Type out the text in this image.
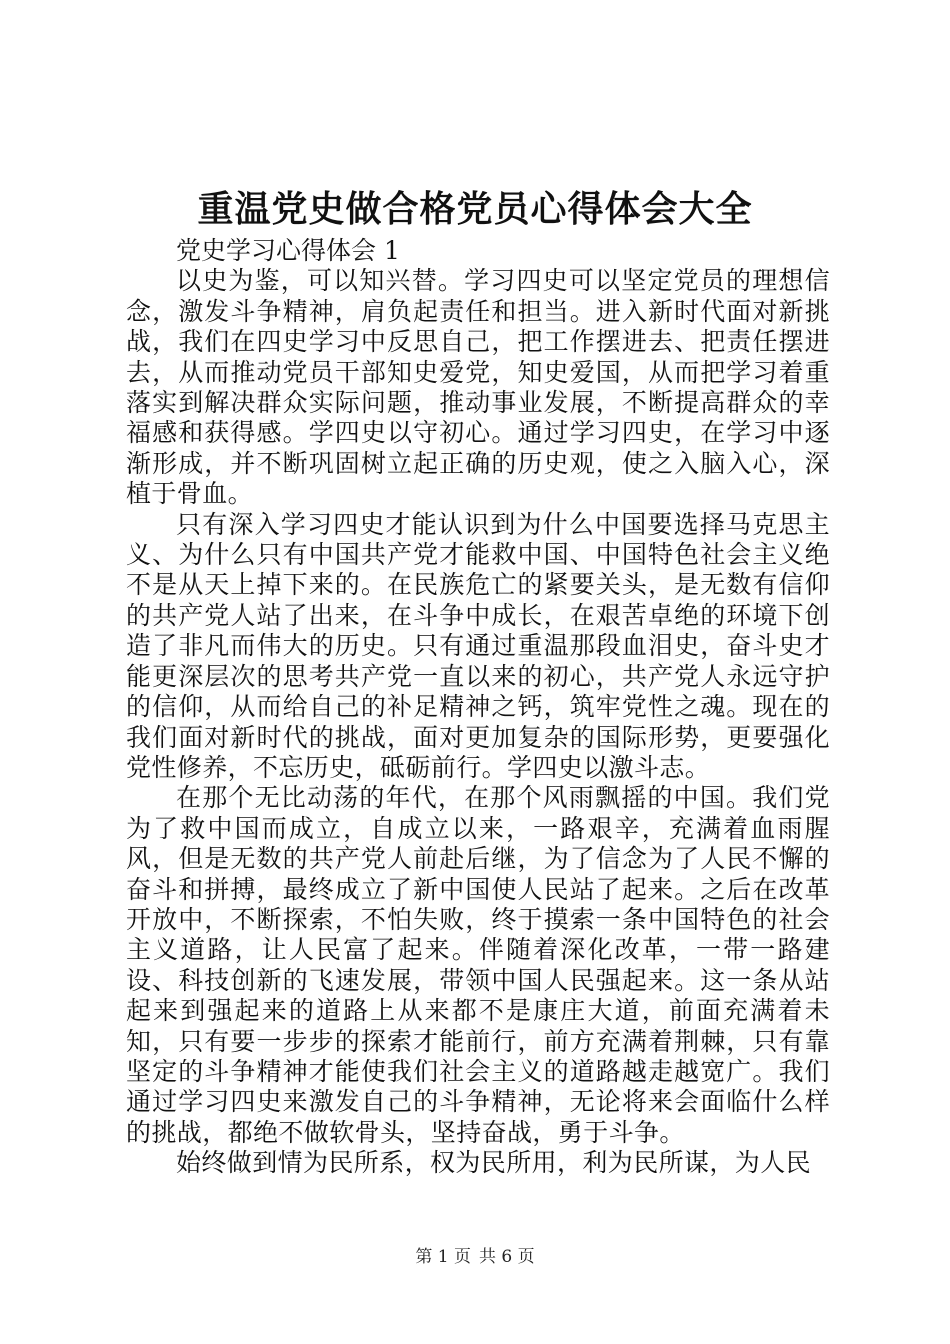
重温党史做合格党员心得体会大全

党史学习心得体会 1

以史为鉴，可以知兴替。学习四史可以坚定党员的理想信念，激发斗争精神，肩负起责任和担当。进入新时代面对新挑战，我们在四史学习中反思自己，把工作摆进去、把责任摆进去，从而推动党员干部知史爱党，知史爱国，从而把学习着重落实到解决群众实际问题，推动事业发展，不断提高群众的幸福感和获得感。学四史以守初心。通过学习四史，在学习中逐渐形成，并不断巩固树立起正确的历史观，使之入脑入心，深植于骨血。

只有深入学习四史才能认识到为什么中国要选择马克思主义、为什么只有中国共产党才能救中国、中国特色社会主义绝不是从天上掉下来的。在民族危亡的紧要关头，是无数有信仰的共产党人站了出来，在斗争中成长，在艰苦卓绝的环境下创造了非凡而伟大的历史。只有通过重温那段血泪史，奋斗史才能更深层次的思考共产党一直以来的初心，共产党人永远守护的信仰，从而给自己的补足精神之钙，筑牢党性之魂。现在的我们面对新时代的挑战，面对更加复杂的国际形势，更要强化党性修养，不忘历史，砥砺前行。学四史以激斗志。

在那个无比动荡的年代，在那个风雨飘摇的中国。我们党为了救中国而成立，自成立以来，一路艰辛，充满着血雨腥风，但是无数的共产党人前赴后继，为了信念为了人民不懈的奋斗和拼搏，最终成立了新中国使人民站了起来。之后在改革开放中，不断探索，不怕失败，终于摸索一条中国特色的社会主义道路，让人民富了起来。伴随着深化改革，一带一路建设、科技创新的飞速发展，带领中国人民强起来。这一条从站起来到强起来的道路上从来都不是康庄大道，前面充满着未知，只有要一步步的探索才能前行，前方充满着荆棘，只有靠坚定的斗争精神才能使我们社会主义的道路越走越宽广。我们通过学习四史来激发自己的斗争精神，无论将来会面临什么样的挑战，都绝不做软骨头，坚持奋战，勇于斗争。

始终做到情为民所系，权为民所用，利为民所谋，为人民

第 1 页 共 6 页
